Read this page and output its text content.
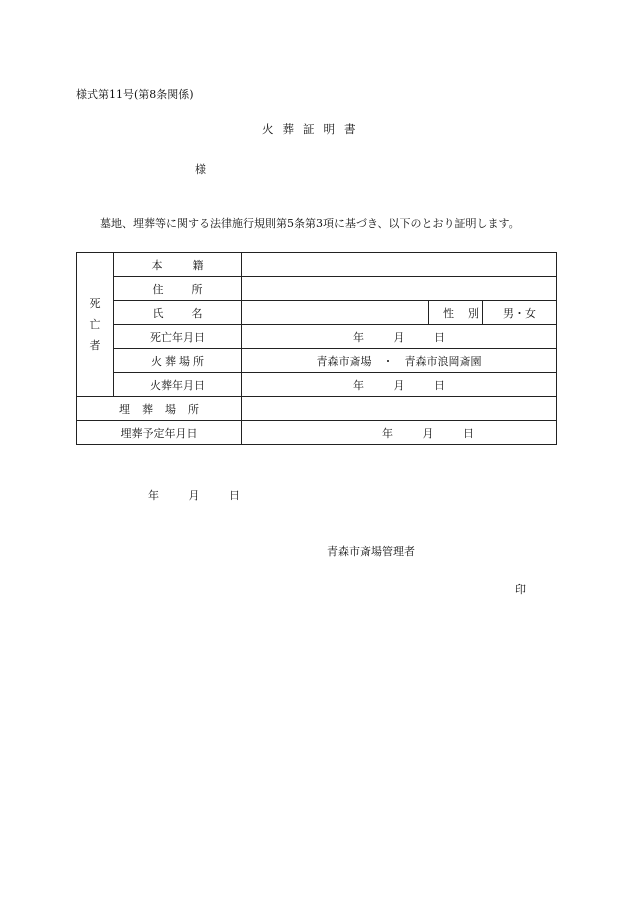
様式第11号(第8条関係)
火葬証明書
様
墓地、埋葬等に関する法律施行規則第5条第3項に基づき、以下のとおり証明します。
死
亡
者	本籍			
	住所			
	氏名		性別	男・女
	死亡年月日	年 月 日		
	火葬場所	青森市斎場　・　青森市浪岡斎園		
	火葬年月日	年 月 日		
埋葬場所				
埋葬予定年月日		年 月 日		
年	月	日
青森市斎場管理者
印
